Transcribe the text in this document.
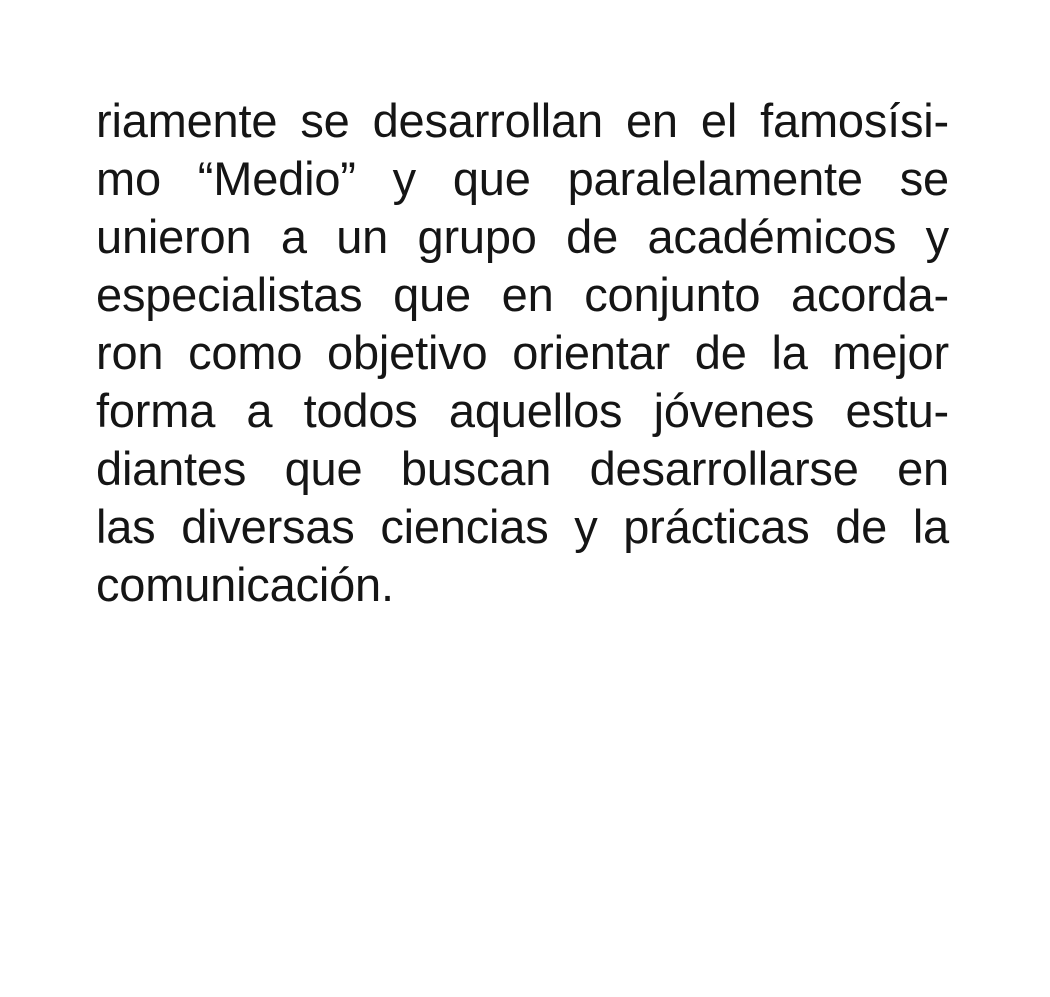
riamente se desarrollan en el famosísi-
mo “Medio” y que paralelamente se
unieron a un grupo de académicos y
especialistas que en conjunto acorda-
ron como objetivo orientar de la mejor
forma a todos aquellos jóvenes estu-
diantes que buscan desarrollarse en
las diversas ciencias y prácticas de la
comunicación.
